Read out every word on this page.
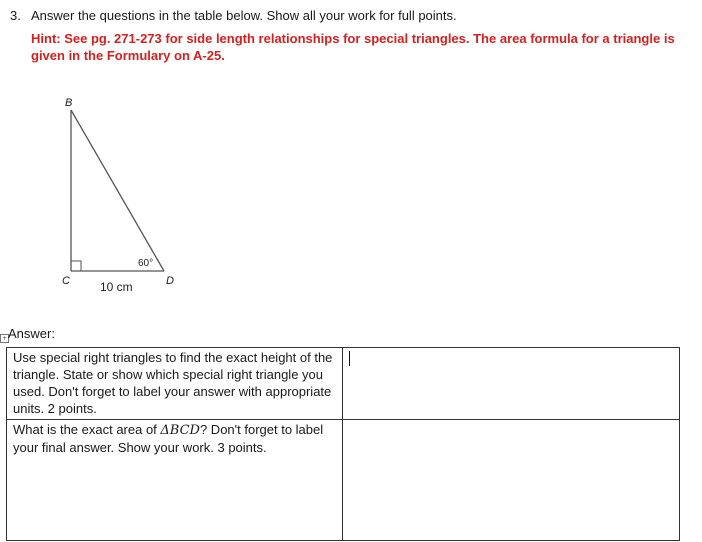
3. Answer the questions in the table below. Show all your work for full points.
Hint: See pg. 271-273 for side length relationships for special triangles. The area formula for a triangle is given in the Formulary on A-25.
B
C	D
60°
10 cm
+ Answer:
Use special right triangles to find the exact height of the triangle. State or show which special right triangle you used. Don't forget to label your answer with appropriate units. 2 points.	
What is the exact area of ΔBCD? Don't forget to label your final answer. Show your work. 3 points.	
